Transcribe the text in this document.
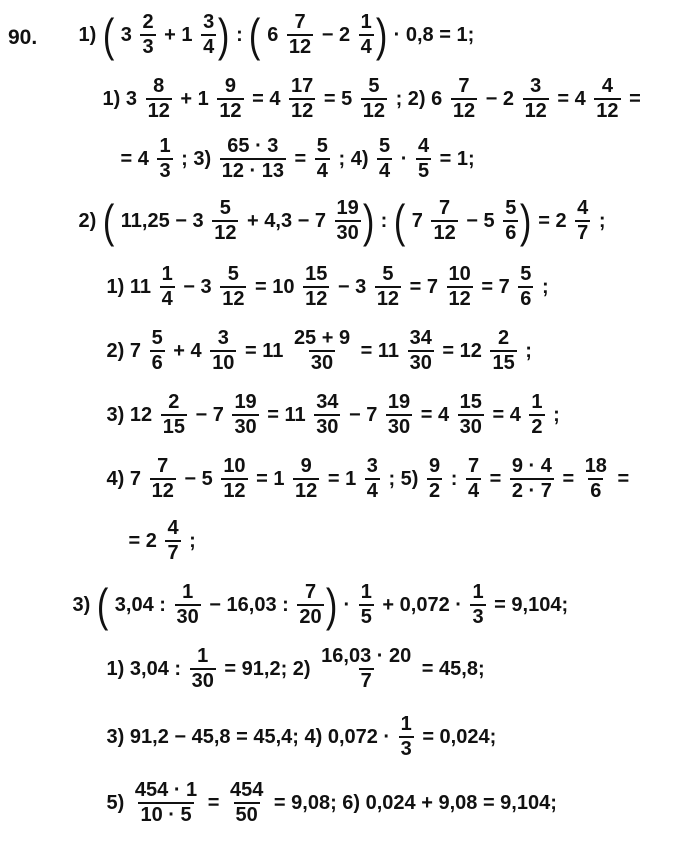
90. 1) ( $3 \frac{2}{3} + 1 \frac{3}{4}$ ) : ( $6 \frac{7}{12} - 2 \frac{1}{4}$ ) · 0,8 = 1;
1) $3 \frac{8}{12} + 1 \frac{9}{12} = 4 \frac{17}{12} = 5 \frac{5}{12}$ ; 2) $6 \frac{7}{12} - 2 \frac{3}{12} = 4 \frac{4}{12}$ =
= $4 \frac{1}{3}$ ; $3) \frac{65 \cdot 3}{12 \cdot 13} = \frac{5}{4}$ ; $4) \frac{5}{4} \cdot \frac{4}{5} = 1$;
2) ( $11,25 - 3 \frac{5}{12} + 4,3 - 7 \frac{19}{30}$ ) : ( $7 \frac{7}{12} - 5 \frac{5}{6}$ ) = $2 \frac{4}{7}$ ;
1) $11 \frac{1}{4} - 3 \frac{5}{12} = 10 \frac{15}{12} - 3 \frac{5}{12} = 7 \frac{10}{12} = 7 \frac{5}{6}$ ;
2) $7 \frac{5}{6} + 4 \frac{3}{10} = 11 \frac{25 + 9}{30} = 11 \frac{34}{30} = 12 \frac{2}{15}$ ;
3) $12 \frac{2}{15} - 7 \frac{19}{30} = 11 \frac{34}{30} - 7 \frac{19}{30} = 4 \frac{15}{30} = 4 \frac{1}{2}$ ;
4) $7 \frac{7}{12} - 5 \frac{10}{12} = 1 \frac{9}{12} = 1 \frac{3}{4}$ ; $5) \frac{9}{2}$ : $\frac{7}{4} = \frac{9 \cdot 4}{2 \cdot 7} = \frac{18}{6}$ =
= $2 \frac{4}{7}$ ;
3) ( 3,04 : $\frac{1}{30} - 16,03$ : $\frac{7}{20}$ ) · $\frac{1}{5} + 0,072 \cdot \frac{1}{3} = 9,104$;
1) 3,04 : $\frac{1}{30} = 91,2$; $2) \frac{16,03 \cdot 20}{7} = 45,8$;
3) 91,2 − 45,8 = 45,4; 4) $0,072 \cdot \frac{1}{3} = 0,024$;
$5) \frac{454 \cdot 1}{10 \cdot 5} = \frac{454}{50} = 9,08$; 6) 0,024 + 9,08 = 9,104;
